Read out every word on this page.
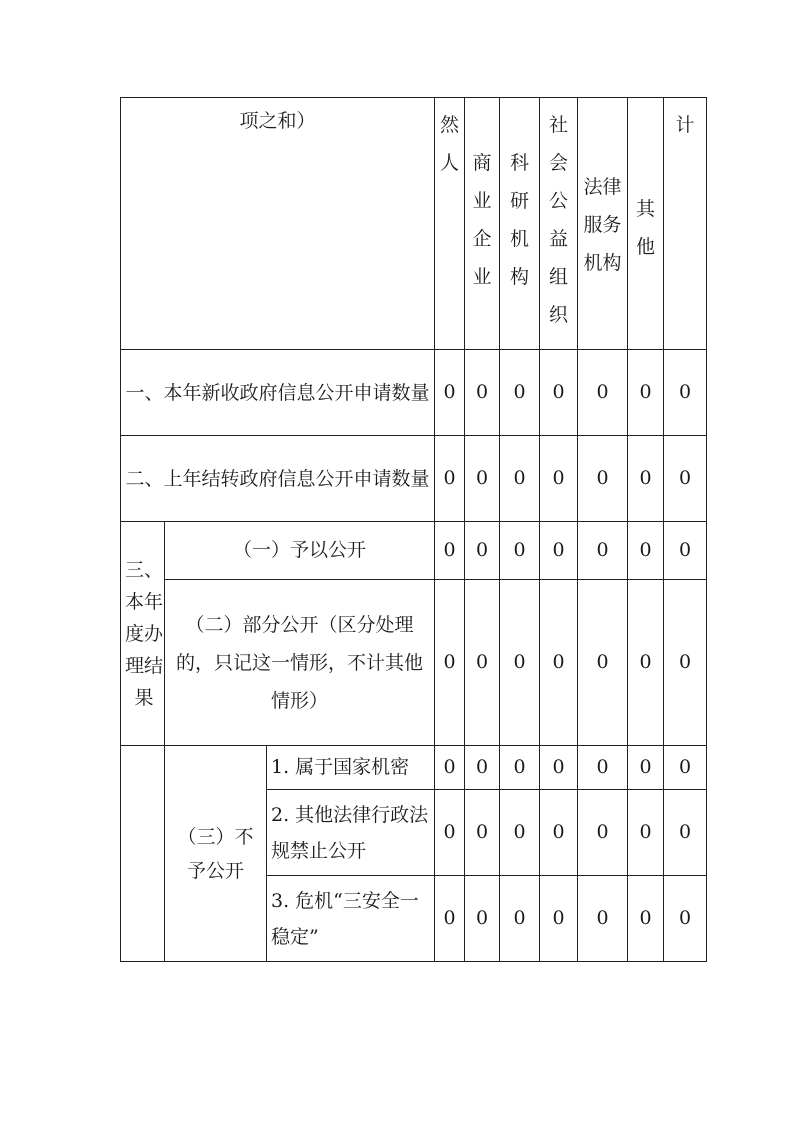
项之和）			然人	商业企业	科研机构	社会公益组织	法律服务机构	其他	计
一、本年新收政府信息公开申请数量			0	0	0	0	0	0	0
二、上年结转政府信息公开申请数量			0	0	0	0	0	0	0
三、本年度办理结果	（一）予以公开		0	0	0	0	0	0	0
	（二）部分公开（区分处理的，只记这一情形，不计其他情形）		0	0	0	0	0	0	0
	（三）不予公开	1. 属于国家机密	0	0	0	0	0	0	0
		2. 其他法律行政法规禁止公开	0	0	0	0	0	0	0
		3. 危机“三安全一稳定”	0	0	0	0	0	0	0
